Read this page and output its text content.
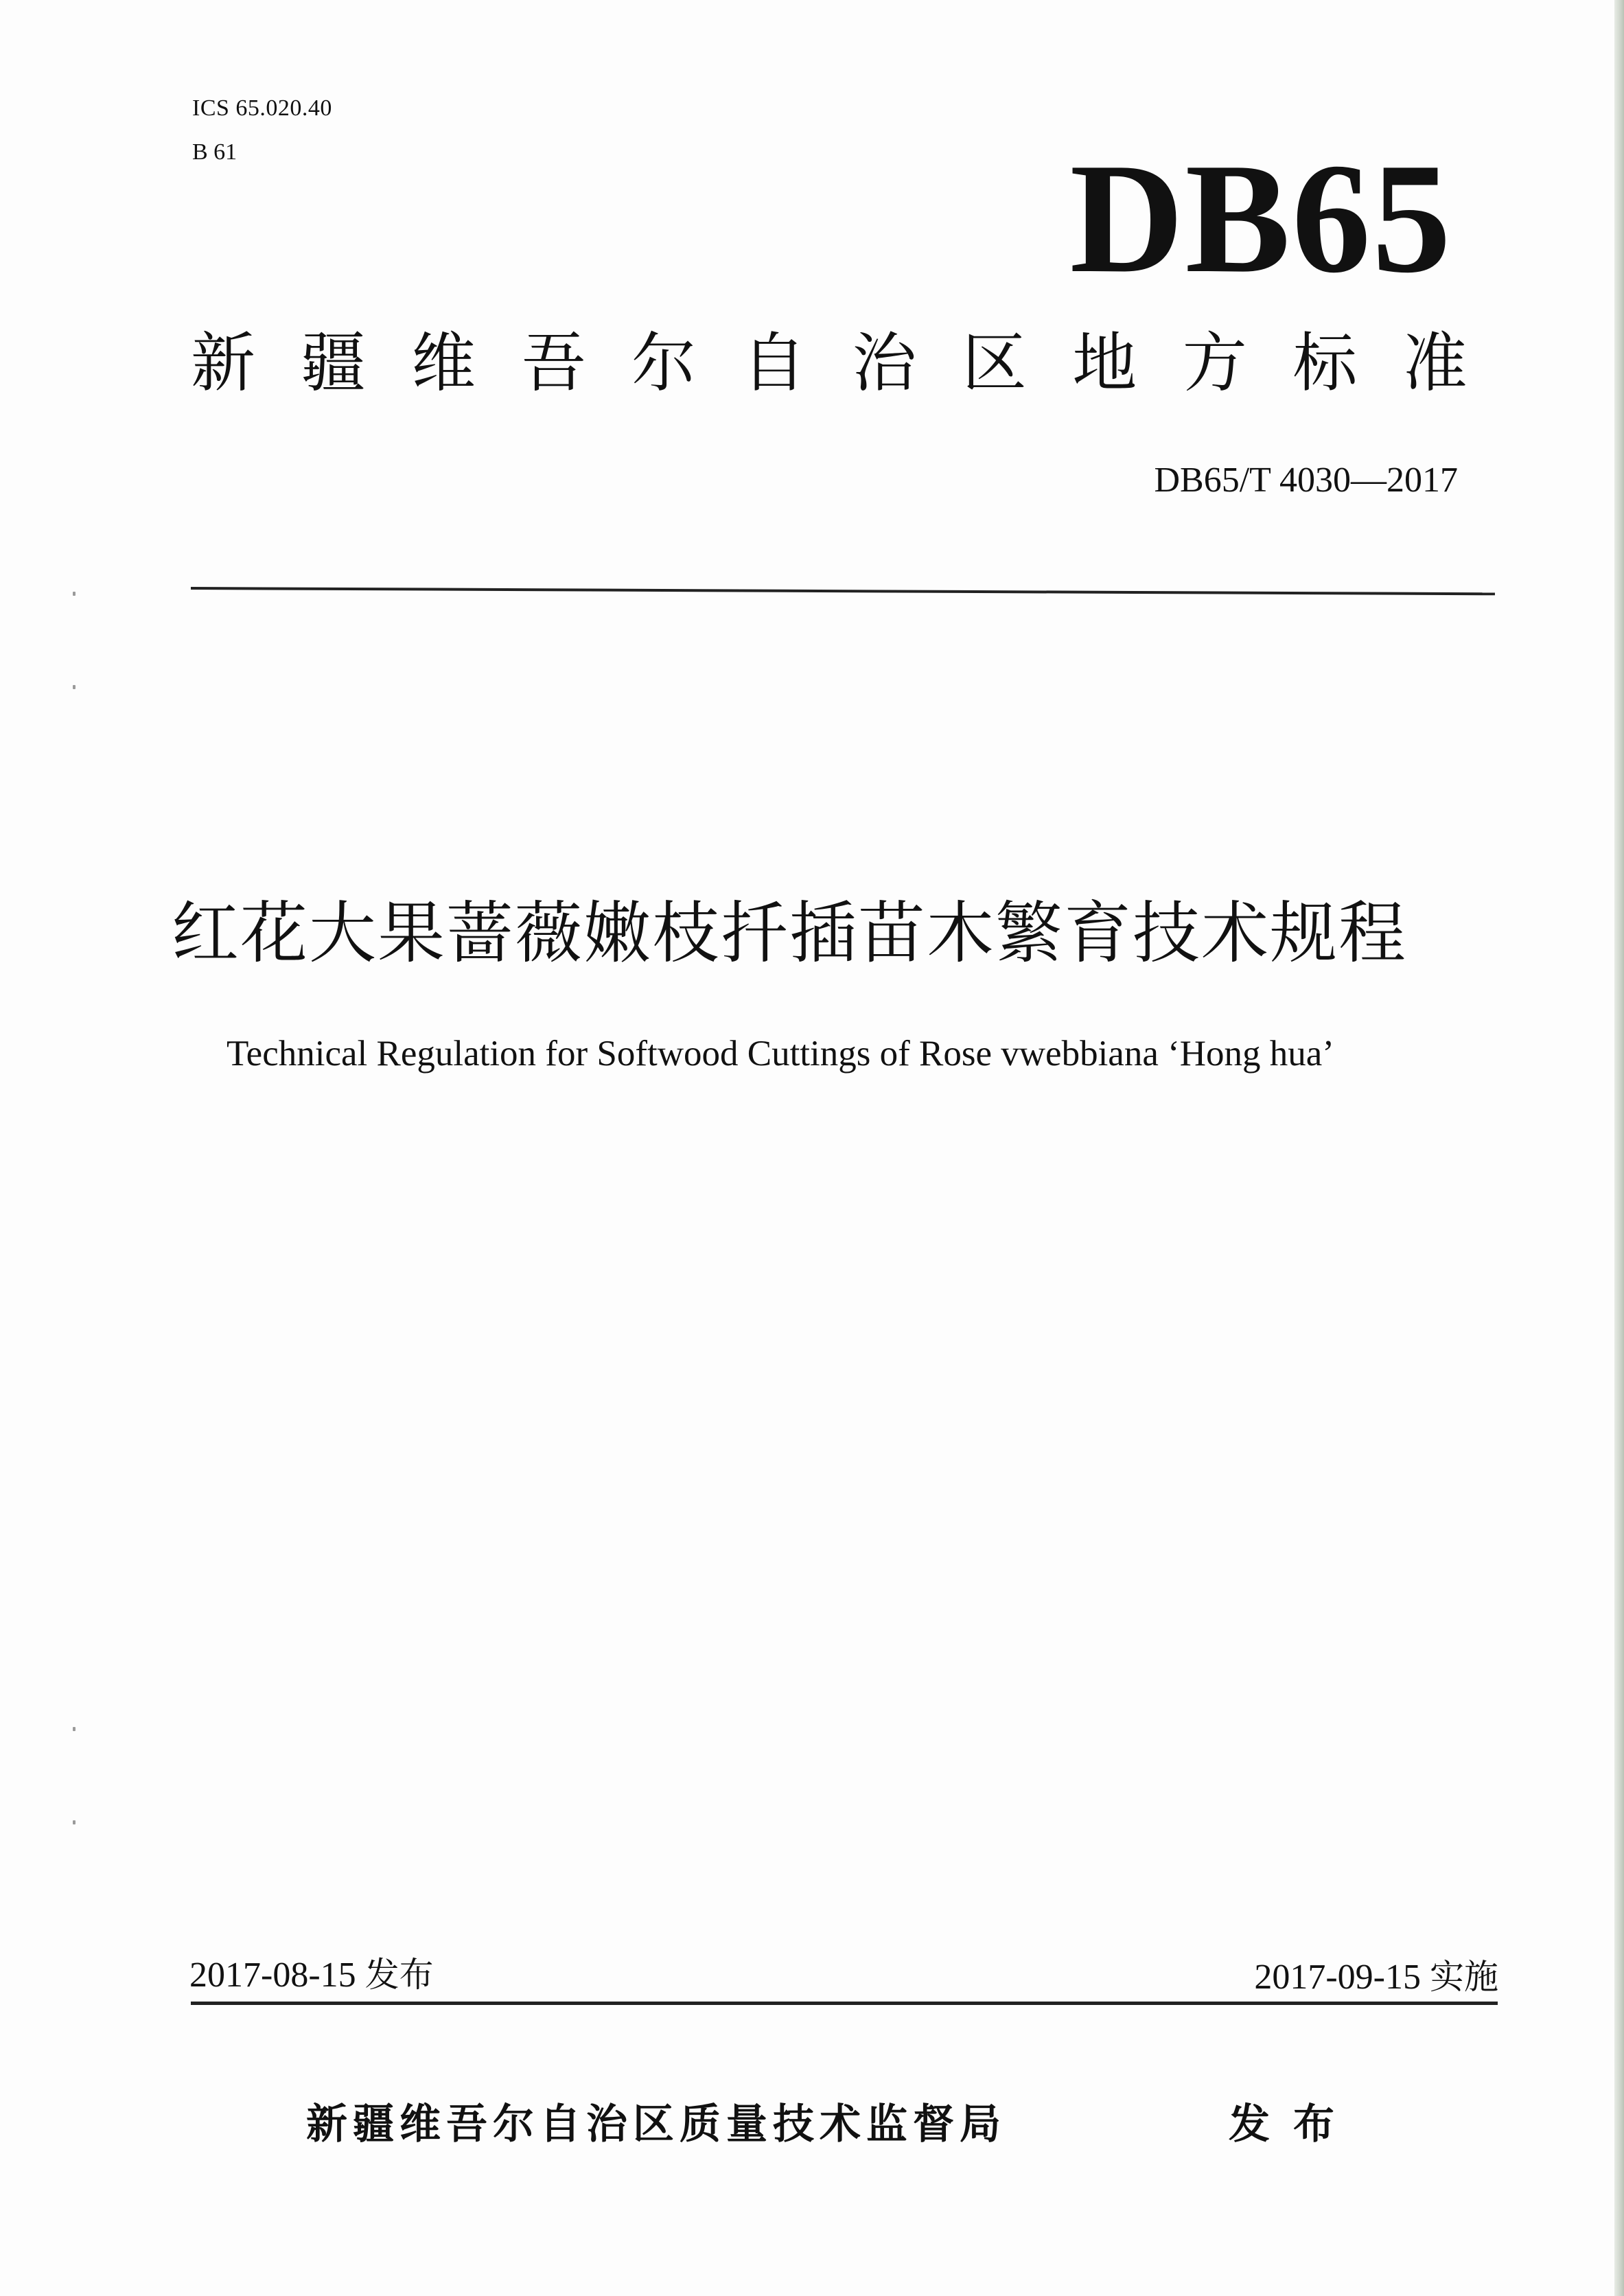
ICS 65.020.40
B 61	DB65
新 疆 维 吾 尔 自 治 区 地 方 标 准
DB65/T 4030—2017
红花大果蔷薇嫩枝扦插苗木繁育技术规程
Technical Regulation for Softwood Cuttings of Rose vwebbiana ‘Hong hua’
2017-08-15 发布	2017-09-15 实施
新疆维吾尔自治区质量技术监督局	发布
